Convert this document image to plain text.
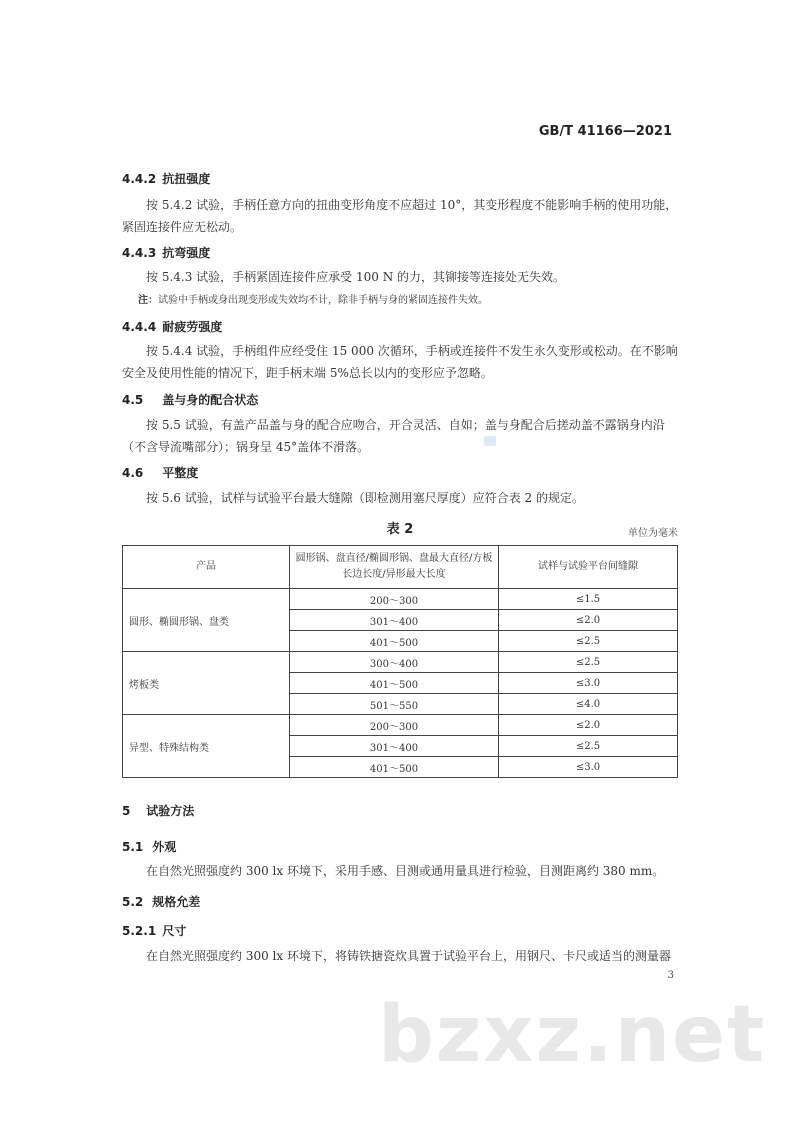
GB/T 41166—2021
4.4.2 抗扭强度
按 5.4.2 试验，手柄任意方向的扭曲变形角度不应超过 10°，其变形程度不能影响手柄的使用功能，紧固连接件应无松动。
4.4.3 抗弯强度
按 5.4.3 试验，手柄紧固连接件应承受 100 N 的力，其铆接等连接处无失效。
注：试验中手柄或身出现变形或失效均不计，除非手柄与身的紧固连接件失效。
4.4.4 耐疲劳强度
按 5.4.4 试验，手柄组件应经受住 15 000 次循环，手柄或连接件不发生永久变形或松动。在不影响安全及使用性能的情况下，距手柄末端 5%总长以内的变形应予忽略。
4.5 盖与身的配合状态
按 5.5 试验，有盖产品盖与身的配合应吻合，开合灵活、自如；盖与身配合后搓动盖不露锅身内沿（不含导流嘴部分）；锅身呈 45°盖体不滑落。
4.6 平整度
按 5.6 试验，试样与试验平台最大缝隙（即检测用塞尺厚度）应符合表 2 的规定。
表 2	单位为毫米
产品	圆形锅、盘直径/椭圆形锅、盘最大直径/方板长边长度/异形最大长度	试样与试验平台间缝隙
圆形、椭圆形锅、盘类	200～300	≤1.5
	301～400	≤2.0
	401～500	≤2.5
烤板类	300～400	≤2.5
	401～500	≤3.0
	501～550	≤4.0
异型、特殊结构类	200～300	≤2.0
	301～400	≤2.5
	401～500	≤3.0
5 试验方法
5.1 外观
在自然光照强度约 300 lx 环境下，采用手感、目测或通用量具进行检验，目测距离约 380 mm。
5.2 规格允差
5.2.1 尺寸
在自然光照强度约 300 lx 环境下，将铸铁搪瓷炊具置于试验平台上，用钢尺、卡尺或适当的测量器
3
bzxz.net
